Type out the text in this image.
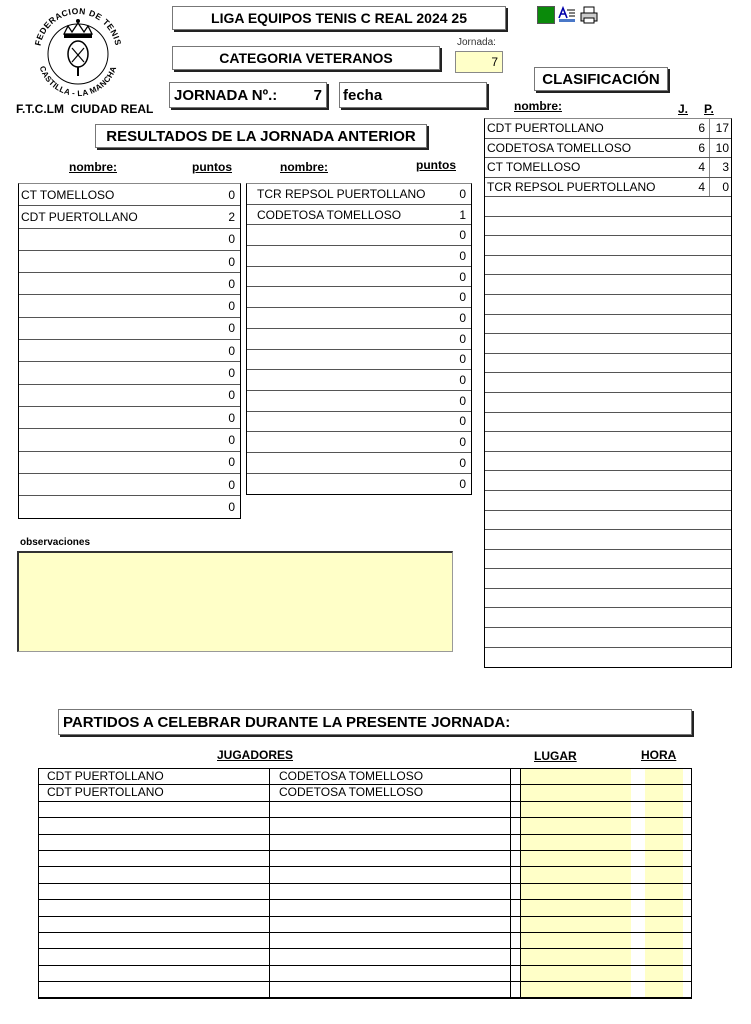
FEDERACION DE TENIS
CASTILLA - LA MANCHA
F.T.C.LM  CIUDAD REAL
LIGA EQUIPOS TENIS C REAL 2024 25
CATEGORIA VETERANOS
Jornada:
7
JORNADA Nº.: 7 fecha
CLASIFICACIÓN
RESULTADOS DE LA JORNADA ANTERIOR
nombre:	puntos	nombre:	puntos
CT TOMELLOSO	0
CDT PUERTOLLANO	2
0
0
0
0
0
0
0
0
0
0
0
0
0
TCR REPSOL PUERTOLLANO	0
CODETOSA TOMELLOSO	1
0
0
0
0
0
0
0
0
0
0
0
0
0
observaciones
nombre:	J. P.
CDT PUERTOLLANO	6 17
CODETOSA TOMELLOSO	6 10
CT TOMELLOSO	4 3
TCR REPSOL PUERTOLLANO	4 0
PARTIDOS A CELEBRAR DURANTE LA PRESENTE JORNADA:
JUGADORES	LUGAR	HORA
CDT PUERTOLLANO	CODETOSA TOMELLOSO
CDT PUERTOLLANO	CODETOSA TOMELLOSO
